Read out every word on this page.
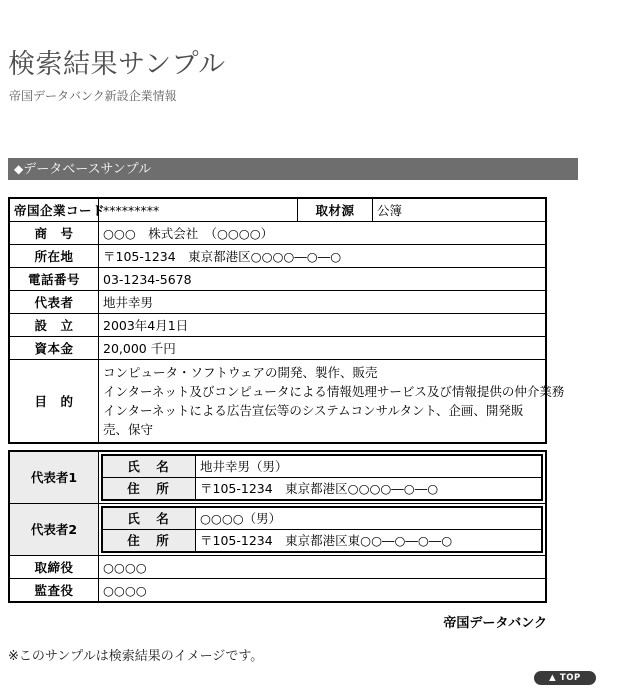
検索結果サンプル
帝国データバンク新設企業情報
◆データベースサンプル
帝国企業コード	*********	取材源	公簿
商　号	○○○　株式会社　（○○○○）		
所在地	〒105-1234　東京都港区○○○○―○―○		
電話番号	03-1234-5678		
代表者	地井幸男		
設　立	2003年4月1日		
資本金	20,000 千円		
目　的	コンピュータ・ソフトウェアの開発、製作、販売
インターネット及びコンピュータによる情報処理サービス及び情報提供の仲介業務
インターネットによる広告宣伝等のシステムコンサルタント、企画、開発販売、保守		
代表者1	
氏　名	地井幸男（男）
住　所	〒105-1234　東京都港区○○○○―○―○

代表者2	
氏　名	○○○○（男）
住　所	〒105-1234　東京都港区東○○―○―○―○

取締役	○○○○
監査役	○○○○
帝国データバンク
※このサンプルは検索結果のイメージです。
▲ TOP
